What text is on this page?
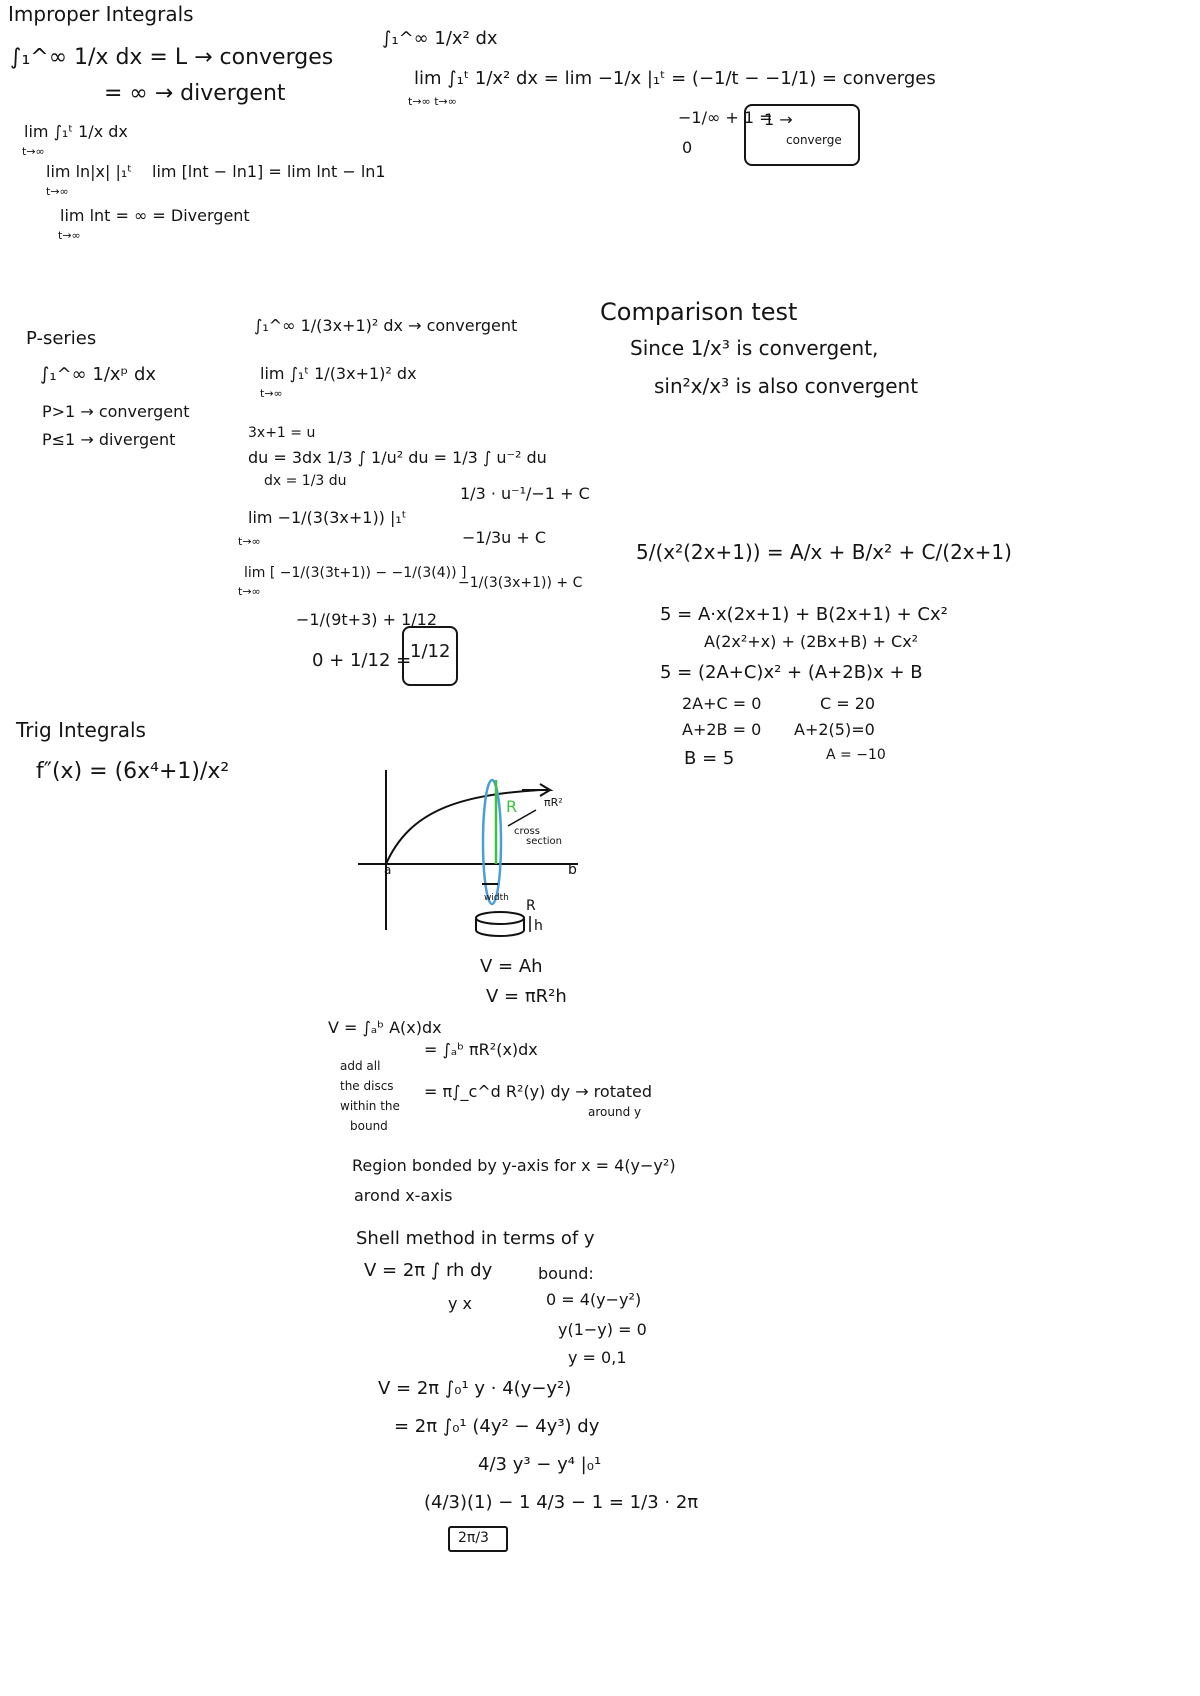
Improper Integrals
∫₁^∞ 1/x dx = L → converges
= ∞ → divergent
lim ∫₁ᵗ 1/x dx
t→∞
lim ln|x| |₁ᵗ lim [lnt − ln1] = lim lnt − ln1
t→∞
lim lnt = ∞ = Divergent
t→∞
∫₁^∞ 1/x² dx
lim ∫₁ᵗ 1/x² dx = lim −1/x |₁ᵗ = (−1/t − −1/1) = converges
t→∞ t→∞
−1/∞ + 1 =
0
1 →
converge
P-series
∫₁^∞ 1/xᵖ dx
P>1 → convergent
P≤1 → divergent
∫₁^∞ 1/(3x+1)² dx → convergent
lim ∫₁ᵗ 1/(3x+1)² dx
t→∞
3x+1 = u
du = 3dx 1/3 ∫ 1/u² du = 1/3 ∫ u⁻² du
dx = 1/3 du
1/3 · u⁻¹/−1 + C
lim −1/(3(3x+1)) |₁ᵗ
t→∞	−1/3u + C
lim [ −1/(3(3t+1)) − −1/(3(4)) ]
t→∞
−1/(3(3x+1)) + C
−1/(9t+3) + 1/12
0 + 1/12 =
1/12
Comparison test
Since 1/x³ is convergent,
sin²x/x³ is also convergent
5/(x²(2x+1)) = A/x + B/x² + C/(2x+1)
5 = A·x(2x+1) + B(2x+1) + Cx²
A(2x²+x) + (2Bx+B) + Cx²
5 = (2A+C)x² + (A+2B)x + B
2A+C = 0	C = 20
A+2B = 0 A+2(5)=0
B = 5	A = −10
Trig Integrals
f″(x) = (6x⁴+1)/x²
R πR²
cross
section
a	b
width R
h
V = Ah
V = πR²h
V = ∫ₐᵇ A(x)dx
= ∫ₐᵇ πR²(x)dx
add all
the discs
within the
bound
= π∫_c^d R²(y) dy → rotated
around y
Region bonded by y-axis for x = 4(y−y²)
arond x-axis
Shell method in terms of y
V = 2π ∫ rh dy
y x
bound:
0 = 4(y−y²)
y(1−y) = 0
y = 0,1
V = 2π ∫₀¹ y · 4(y−y²)
= 2π ∫₀¹ (4y² − 4y³) dy
4/3 y³ − y⁴ |₀¹
(4/3)(1) − 1 4/3 − 1 = 1/3 · 2π
2π/3
